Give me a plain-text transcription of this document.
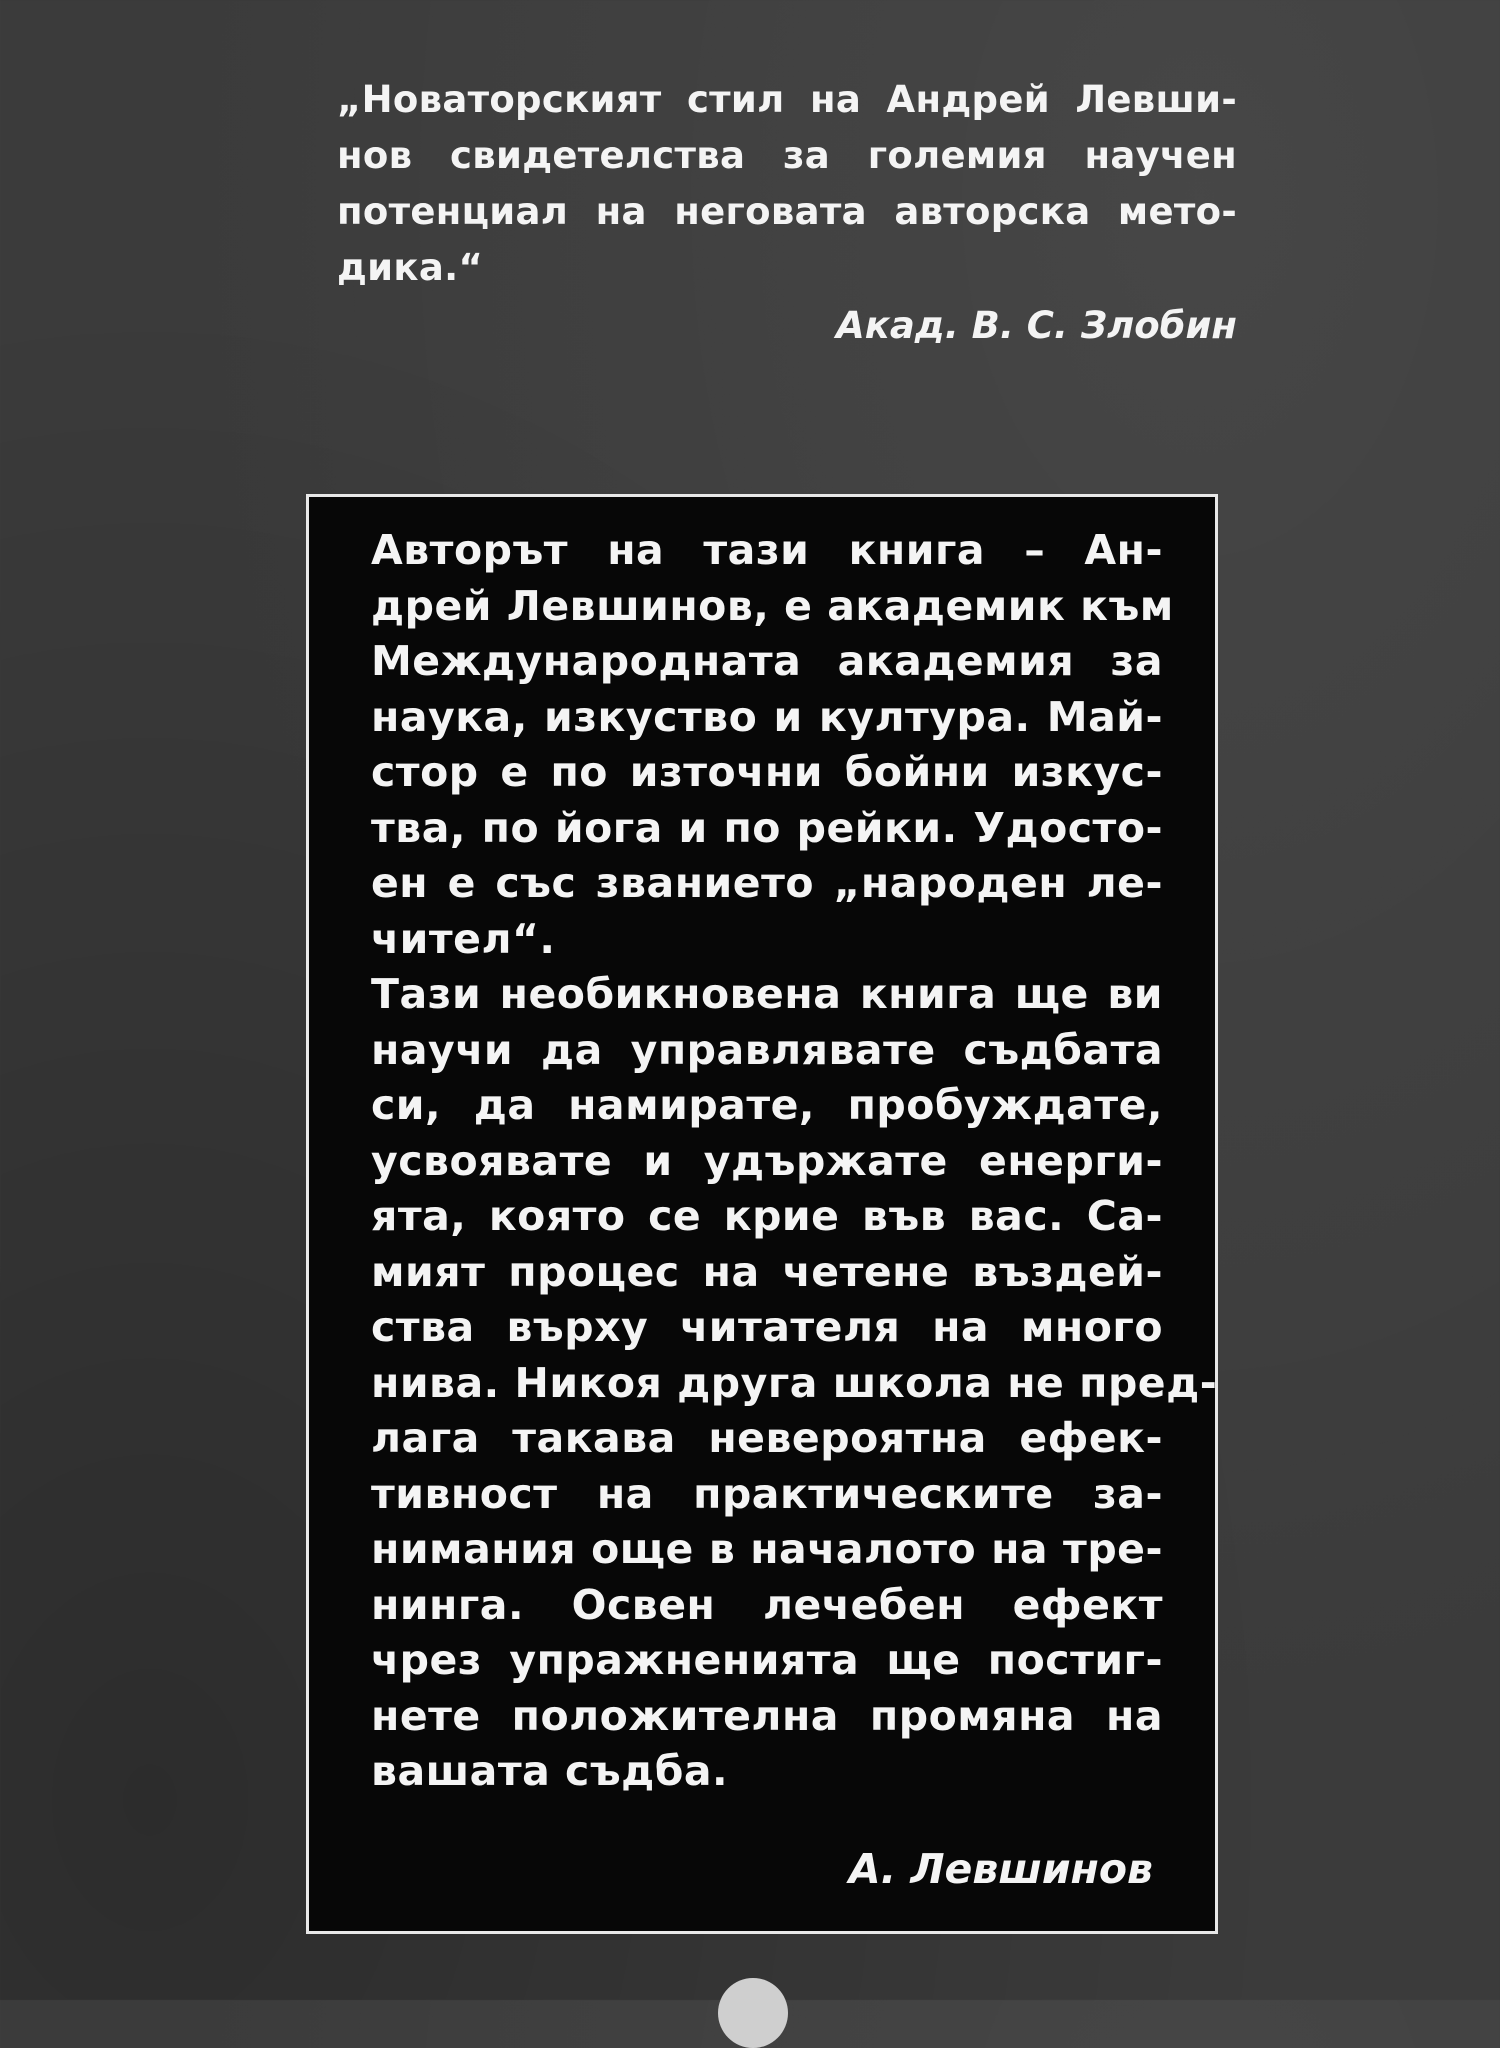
„Новаторският стил на Андрей Левши-
нов свидетелства за големия научен
потенциал на неговата авторска мето-
дика.“

Акад. В. С. Злобин

Авторът на тази книга – Ан-
дрей Левшинов, е академик към
Международната академия за
наука, изкуство и култура. Май-
стор е по източни бойни изкус-
тва, по йога и по рейки. Удосто-
ен е със званието „народен ле-
чител“.

Тази необикновена книга ще ви
научи да управлявате съдбата
си, да намирате, пробуждате,
усвоявате и удържате енерги-
ята, която се крие във вас. Са-
мият процес на четене въздей-
ства върху читателя на много
нива. Никоя друга школа не пред-
лага такава невероятна ефек-
тивност на практическите за-
нимания още в началото на тре-
нинга. Освен лечебен ефект
чрез упражненията ще постиг-
нете положителна промяна на
вашата съдба.

А. Левшинов
